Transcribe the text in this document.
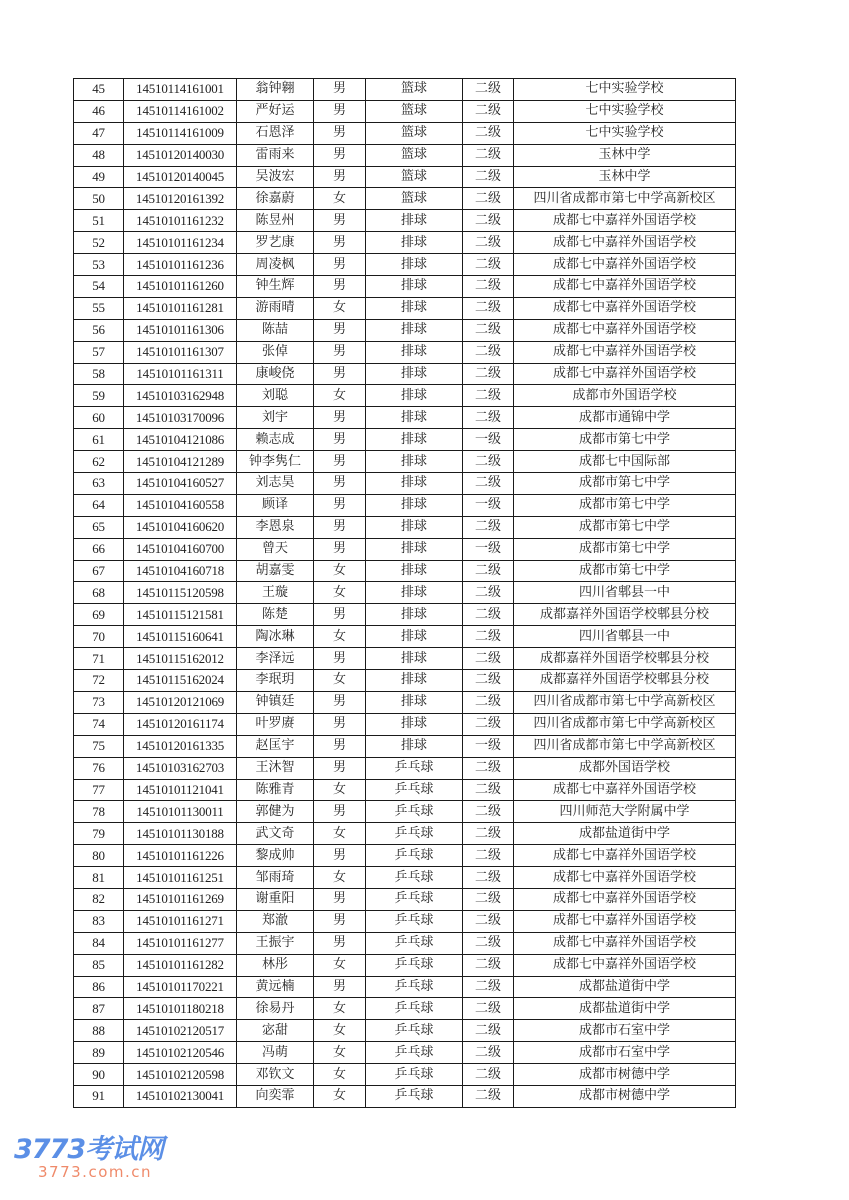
45	14510114161001	翁钟翱	男	篮球	二级	七中实验学校
46	14510114161002	严好运	男	篮球	二级	七中实验学校
47	14510114161009	石恩泽	男	篮球	二级	七中实验学校
48	14510120140030	雷雨来	男	篮球	二级	玉林中学
49	14510120140045	吴波宏	男	篮球	二级	玉林中学
50	14510120161392	徐嘉蔚	女	篮球	二级	四川省成都市第七中学高新校区
51	14510101161232	陈昱州	男	排球	二级	成都七中嘉祥外国语学校
52	14510101161234	罗艺康	男	排球	二级	成都七中嘉祥外国语学校
53	14510101161236	周凌枫	男	排球	二级	成都七中嘉祥外国语学校
54	14510101161260	钟生辉	男	排球	二级	成都七中嘉祥外国语学校
55	14510101161281	游雨晴	女	排球	二级	成都七中嘉祥外国语学校
56	14510101161306	陈喆	男	排球	二级	成都七中嘉祥外国语学校
57	14510101161307	张倬	男	排球	二级	成都七中嘉祥外国语学校
58	14510101161311	康峻侥	男	排球	二级	成都七中嘉祥外国语学校
59	14510103162948	刘聪	女	排球	二级	成都市外国语学校
60	14510103170096	刘宇	男	排球	二级	成都市通锦中学
61	14510104121086	赖志成	男	排球	一级	成都市第七中学
62	14510104121289	钟李隽仁	男	排球	二级	成都七中国际部
63	14510104160527	刘志昊	男	排球	二级	成都市第七中学
64	14510104160558	顾译	男	排球	一级	成都市第七中学
65	14510104160620	李恩泉	男	排球	二级	成都市第七中学
66	14510104160700	曾天	男	排球	一级	成都市第七中学
67	14510104160718	胡嘉雯	女	排球	二级	成都市第七中学
68	14510115120598	王璇	女	排球	二级	四川省郫县一中
69	14510115121581	陈楚	男	排球	二级	成都嘉祥外国语学校郫县分校
70	14510115160641	陶冰琳	女	排球	二级	四川省郫县一中
71	14510115162012	李泽远	男	排球	二级	成都嘉祥外国语学校郫县分校
72	14510115162024	李珉玥	女	排球	二级	成都嘉祥外国语学校郫县分校
73	14510120121069	钟镇廷	男	排球	二级	四川省成都市第七中学高新校区
74	14510120161174	叶罗赓	男	排球	二级	四川省成都市第七中学高新校区
75	14510120161335	赵匡宇	男	排球	一级	四川省成都市第七中学高新校区
76	14510103162703	王沐智	男	乒乓球	二级	成都外国语学校
77	14510101121041	陈雅青	女	乒乓球	二级	成都七中嘉祥外国语学校
78	14510101130011	郭健为	男	乒乓球	二级	四川师范大学附属中学
79	14510101130188	武文奇	女	乒乓球	二级	成都盐道街中学
80	14510101161226	黎成帅	男	乒乓球	二级	成都七中嘉祥外国语学校
81	14510101161251	邹雨琦	女	乒乓球	二级	成都七中嘉祥外国语学校
82	14510101161269	谢重阳	男	乒乓球	二级	成都七中嘉祥外国语学校
83	14510101161271	郑澈	男	乒乓球	二级	成都七中嘉祥外国语学校
84	14510101161277	王振宇	男	乒乓球	二级	成都七中嘉祥外国语学校
85	14510101161282	林彤	女	乒乓球	二级	成都七中嘉祥外国语学校
86	14510101170221	黄远楠	男	乒乓球	二级	成都盐道街中学
87	14510101180218	徐易丹	女	乒乓球	二级	成都盐道街中学
88	14510102120517	宓甜	女	乒乓球	二级	成都市石室中学
89	14510102120546	冯萌	女	乒乓球	二级	成都市石室中学
90	14510102120598	邓钦文	女	乒乓球	二级	成都市树德中学
91	14510102130041	向奕霏	女	乒乓球	二级	成都市树德中学
3773考试网
3773.com.cn
